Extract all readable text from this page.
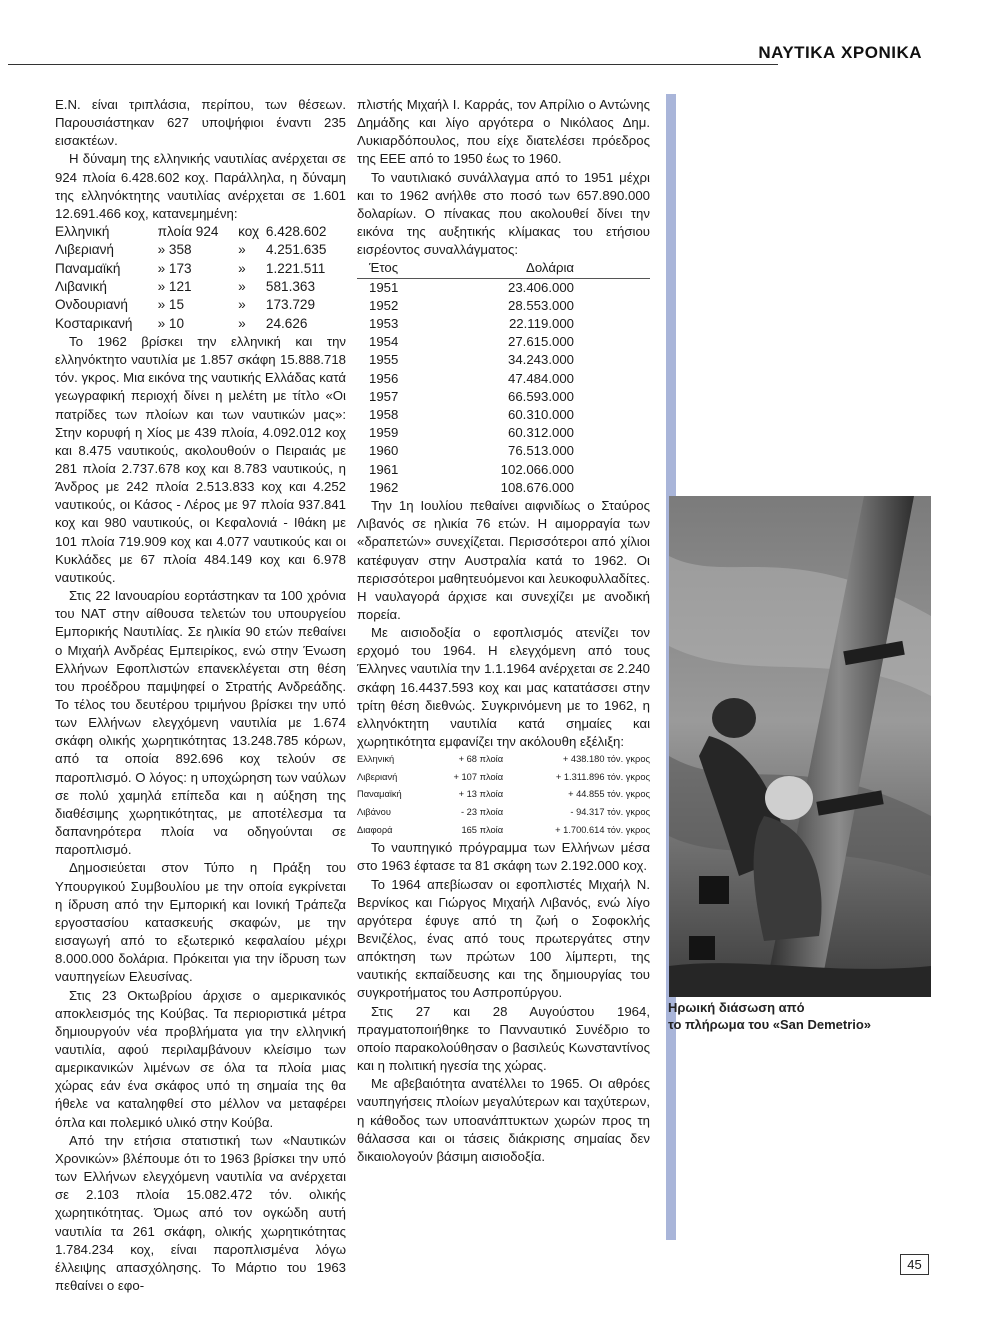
ΝΑΥΤΙΚΑ ΧΡΟΝΙΚΑ

Ε.Ν. είναι τριπλάσια, περίπου, των θέσεων. Παρουσιάστηκαν 627 υποψήφιοι έναντι 235 εισακτέων.

Η δύναμη της ελληνικής ναυτιλίας ανέρχεται σε 924 πλοία 6.428.602 κοχ. Παράλληλα, η δύναμη της ελληνόκτητης ναυτιλίας ανέρχεται σε 1.601 12.691.466 κοχ, κατανεμημένη:

Ελληνική	πλοία 924	κοχ	6.428.602
Λιβεριανή	» 358	»	4.251.635
Παναμαϊκή	» 173	»	1.221.511
Λιβανική	» 121	»	581.363
Ονδουριανή	» 15	»	173.729
Κοσταρικανή	» 10	»	24.626

Το 1962 βρίσκει την ελληνική και την ελληνόκτητο ναυτιλία με 1.857 σκάφη 15.888.718 τόν. γκρος. Μια εικόνα της ναυτικής Ελλάδας κατά γεωγραφική περιοχή δίνει η μελέτη με τίτλο «Οι πατρίδες των πλοίων και των ναυτικών μας»: Στην κορυφή η Χίος με 439 πλοία, 4.092.012 κοχ και 8.475 ναυτικούς, ακολουθούν ο Πειραιάς με 281 πλοία 2.737.678 κοχ και 8.783 ναυτικούς, η Άνδρος με 242 πλοία 2.513.833 κοχ και 4.252 ναυτικούς, οι Κάσος - Λέρος με 97 πλοία 937.841 κοχ και 980 ναυτικούς, οι Κεφαλονιά - Ιθάκη με 101 πλοία 719.909 κοχ και 4.077 ναυτικούς και οι Κυκλάδες με 67 πλοία 484.149 κοχ και 6.978 ναυτικούς.

Στις 22 Ιανουαρίου εορτάστηκαν τα 100 χρόνια του ΝΑΤ στην αίθουσα τελετών του υπουργείου Εμπορικής Ναυτιλίας. Σε ηλικία 90 ετών πεθαίνει ο Μιχαήλ Ανδρέας Εμπειρίκος, ενώ στην Ένωση Ελλήνων Εφοπλιστών επανεκλέγεται στη θέση του προέδρου παμψηφεί ο Στρατής Ανδρεάδης. Το τέλος του δευτέρου τριμήνου βρίσκει την υπό των Ελλήνων ελεγχόμενη ναυτιλία με 1.674 σκάφη ολικής χωρητικότητας 13.248.785 κόρων, από τα οποία 892.696 κοχ τελούν σε παροπλισμό. Ο λόγος: η υποχώρηση των ναύλων σε πολύ χαμηλά επίπεδα και η αύξηση της διαθέσιμης χωρητικότητας, με αποτέλεσμα τα δαπανηρότερα πλοία να οδηγούνται σε παροπλισμό.

Δημοσιεύεται στον Τύπο η Πράξη του Υπουργικού Συμβουλίου με την οποία εγκρίνεται η ίδρυση από την Εμπορική και Ιονική Τράπεζα εργοστασίου κατασκευής σκαφών, με την εισαγωγή από το εξωτερικό κεφαλαίου μέχρι 8.000.000 δολάρια. Πρόκειται για την ίδρυση των ναυπηγείων Ελευσίνας.

Στις 23 Οκτωβρίου άρχισε ο αμερικανικός αποκλεισμός της Κούβας. Τα περιοριστικά μέτρα δημιουργούν νέα προβλήματα για την ελληνική ναυτιλία, αφού περιλαμβάνουν κλείσιμο των αμερικανικών λιμένων σε όλα τα πλοία μιας χώρας εάν ένα σκάφος υπό τη σημαία της θα ήθελε να καταληφθεί στο μέλλον να μεταφέρει όπλα και πολεμικό υλικό στην Κούβα.

Από την ετήσια στατιστική των «Ναυτικών Χρονικών» βλέπουμε ότι το 1963 βρίσκει την υπό των Ελλήνων ελεγχόμενη ναυτιλία να ανέρχεται σε 2.103 πλοία 15.082.472 τόν. ολικής χωρητικότητας. Όμως από τον ογκώδη αυτή ναυτιλία τα 261 σκάφη, ολικής χωρητικότητας 1.784.234 κοχ, είναι παροπλισμένα λόγω έλλειψης απασχόλησης. Το Μάρτιο του 1963 πεθαίνει ο εφο-

πλιστής Μιχαήλ Ι. Καρράς, τον Απρίλιο ο Αντώνης Δημάδης και λίγο αργότερα ο Νικόλαος Δημ. Λυκιαρδόπουλος, που είχε διατελέσει πρόεδρος της ΕΕΕ από το 1950 έως το 1960.

Το ναυτιλιακό συνάλλαγμα από το 1951 μέχρι και το 1962 ανήλθε στο ποσό των 657.890.000 δολαρίων. Ο πίνακας που ακολουθεί δίνει την εικόνα της αυξητικής κλίμακας του ετήσιου εισρέοντος συναλλάγματος:

Έτος	Δολάρια
1951	23.406.000
1952	28.553.000
1953	22.119.000
1954	27.615.000
1955	34.243.000
1956	47.484.000
1957	66.593.000
1958	60.310.000
1959	60.312.000
1960	76.513.000
1961	102.066.000
1962	108.676.000

Την 1η Ιουλίου πεθαίνει αιφνιδίως ο Σταύρος Λιβανός σε ηλικία 76 ετών. Η αιμορραγία των «δραπετών» συνεχίζεται. Περισσότεροι από χίλιοι κατέφυγαν στην Αυστραλία κατά το 1962. Οι περισσότεροι μαθητευόμενοι και λευκοφυλλαδίτες. Η ναυλαγορά άρχισε και συνεχίζει με ανοδική πορεία.

Με αισιοδοξία ο εφοπλισμός ατενίζει τον ερχομό του 1964. Η ελεγχόμενη από τους Έλληνες ναυτιλία την 1.1.1964 ανέρχεται σε 2.240 σκάφη 16.4437.593 κοχ και μας κατατάσσει στην τρίτη θέση διεθνώς. Συγκρινόμενη με το 1962, η ελληνόκτητη ναυτιλία κατά σημαίες και χωρητικότητα εμφανίζει την ακόλουθη εξέλιξη:

Ελληνική	+ 68 πλοία	+ 438.180 τόν. γκρος
Λιβεριανή	+ 107 πλοία	+ 1.311.896 τόν. γκρος
Παναμαϊκή	+ 13 πλοία	+ 44.855 τόν. γκρος
Λιβάνου	- 23 πλοία	- 94.317 τόν. γκρος
Διαφορά	165 πλοία	+ 1.700.614 τόν. γκρος

Το ναυπηγικό πρόγραμμα των Ελλήνων μέσα στο 1963 έφτασε τα 81 σκάφη των 2.192.000 κοχ.

Το 1964 απεβίωσαν οι εφοπλιστές Μιχαήλ Ν. Βερνίκος και Γιώργος Μιχαήλ Λιβανός, ενώ λίγο αργότερα έφυγε από τη ζωή ο Σοφοκλής Βενιζέλος, ένας από τους πρωτεργάτες στην απόκτηση των πρώτων 100 λίμπερτι, της ναυτικής εκπαίδευσης και της δημιουργίας του συγκροτήματος του Ασπροπύργου.

Στις 27 και 28 Αυγούστου 1964, πραγματοποιήθηκε το Πανναυτικό Συνέδριο το οποίο παρακολούθησαν ο βασιλεύς Κωνσταντίνος και η πολιτική ηγεσία της χώρας.

Με αβεβαιότητα ανατέλλει το 1965. Οι αθρόες ναυπηγήσεις πλοίων μεγαλύτερων και ταχύτερων, η κάθοδος των υποανάπτυκτων χωρών προς τη θάλασσα και οι τάσεις διάκρισης σημαίας δεν δικαιολογούν βάσιμη αισιοδοξία.

Ηρωική διάσωση από
το πλήρωμα του «San Demetrio»
45
